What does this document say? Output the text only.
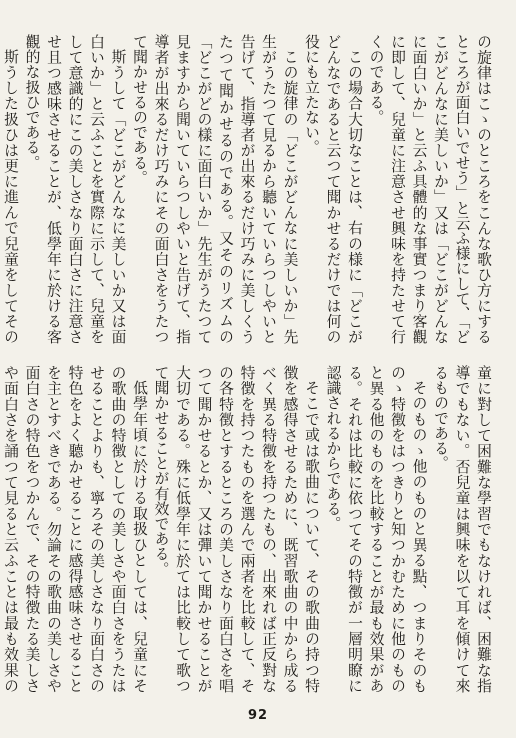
の旋律はこゝのところをこんな歌ひ方にするところが面白いでせう」と云ふ様にして、「どこがどんなに美しいか」又は「どこがどんなに面白いか」と云ふ具體的な事實つまり客觀に即して、兒童に注意させ興味を持たせて行くのである。

この場合大切なことは、右の様に「どこがどんなであると云つて聞かせるだけでは何の役にも立たない。

この旋律の「どこがどんなに美しいか」先生がうたつて見るから聽いていらつしやいと告げて、指導者が出來るだけ巧みに美しくうたつて聞かせるのである。又そのリズムの「どこがどの樣に面白いか」先生がうたつて見ますから聞いていらつしやいと告げて、指導者が出來るだけ巧みにその面白さをうたつて聞かせるのである。

斯うして「どこがどんなに美しいか又は面白いか」と云ふことを實際に示して、兒童をして意識的にこの美しさなり面白さに注意させ且つ感味させることが、低學年に於ける客觀的な扱ひである。

斯うした扱ひは更に進んで兒童をしてその

童に對して困難な學習でもなければ、困難な指導でもない。否兒童は興味を以て耳を傾けて來るものである。

そのものゝ他のものと異る點、つまりそのものゝ特徴をはつきりと知つかむために他のものと異る他のものを比較することが最も效果がある。それは比較に依つてその特徴が一層明瞭に認識されるからである。

そこで或は歌曲について、その歌曲の持つ特徴を感得させるために、既習歌曲の中から成るべく異る特徴を持つたもの、出來れば正反對な特徴を持つたものを選んで兩者を比較して、その各特徴とするところの美しさなり面白さを唱つて聞かせるとか、又は彈いて聞かせることが大切である。殊に低學年に於ては比較して歌つて聞かせることが有效である。

低學年頃に於ける取扱ひとしては、兒童にその歌曲の特徴としての美しさや面白さをうたはせることよりも、寧ろその美しさなり面白さの特色をよく聽かせることに感得感味させることを主とすべきである。勿論その歌曲の美しさや面白さの特色をつかんで、その特徴たる美しさや面白さを誦つて見ると云ふことは最も效果の

92
